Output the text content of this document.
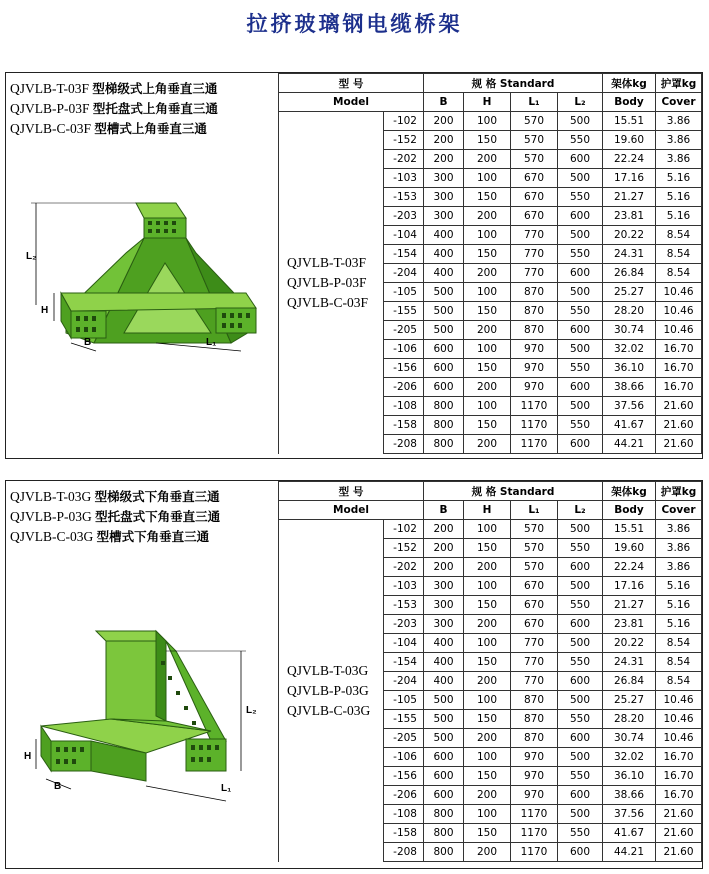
拉挤玻璃钢电缆桥架
QJVLB-T-03F 型梯级式上角垂直三通
QJVLB-P-03F 型托盘式上角垂直三通
QJVLB-C-03F 型槽式上角垂直三通
L₂
H
B	L₁
型 号		规 格 Standard				架体kg	护罩kg
Model		B	H	L₁	L₂	Body	Cover

QJVLB-T-03F
QJVLB-P-03F
QJVLB-C-03F	-102	200	100	570	500	15.51	3.86
	-152	200	150	570	550	19.60	3.86
	-202	200	200	570	600	22.24	3.86
	-103	300	100	670	500	17.16	5.16
	-153	300	150	670	550	21.27	5.16
	-203	300	200	670	600	23.81	5.16
	-104	400	100	770	500	20.22	8.54
	-154	400	150	770	550	24.31	8.54
	-204	400	200	770	600	26.84	8.54
	-105	500	100	870	500	25.27	10.46
	-155	500	150	870	550	28.20	10.46
	-205	500	200	870	600	30.74	10.46
	-106	600	100	970	500	32.02	16.70
	-156	600	150	970	550	36.10	16.70
	-206	600	200	970	600	38.66	16.70
	-108	800	100	1170	500	37.56	21.60
	-158	800	150	1170	550	41.67	21.60
	-208	800	200	1170	600	44.21	21.60
QJVLB-T-03G 型梯级式下角垂直三通
QJVLB-P-03G 型托盘式下角垂直三通
QJVLB-C-03G 型槽式下角垂直三通
L₂
H
B	L₁
型 号		规 格 Standard				架体kg	护罩kg
Model		B	H	L₁	L₂	Body	Cover

QJVLB-T-03G
QJVLB-P-03G
QJVLB-C-03G	-102	200	100	570	500	15.51	3.86
	-152	200	150	570	550	19.60	3.86
	-202	200	200	570	600	22.24	3.86
	-103	300	100	670	500	17.16	5.16
	-153	300	150	670	550	21.27	5.16
	-203	300	200	670	600	23.81	5.16
	-104	400	100	770	500	20.22	8.54
	-154	400	150	770	550	24.31	8.54
	-204	400	200	770	600	26.84	8.54
	-105	500	100	870	500	25.27	10.46
	-155	500	150	870	550	28.20	10.46
	-205	500	200	870	600	30.74	10.46
	-106	600	100	970	500	32.02	16.70
	-156	600	150	970	550	36.10	16.70
	-206	600	200	970	600	38.66	16.70
	-108	800	100	1170	500	37.56	21.60
	-158	800	150	1170	550	41.67	21.60
	-208	800	200	1170	600	44.21	21.60
